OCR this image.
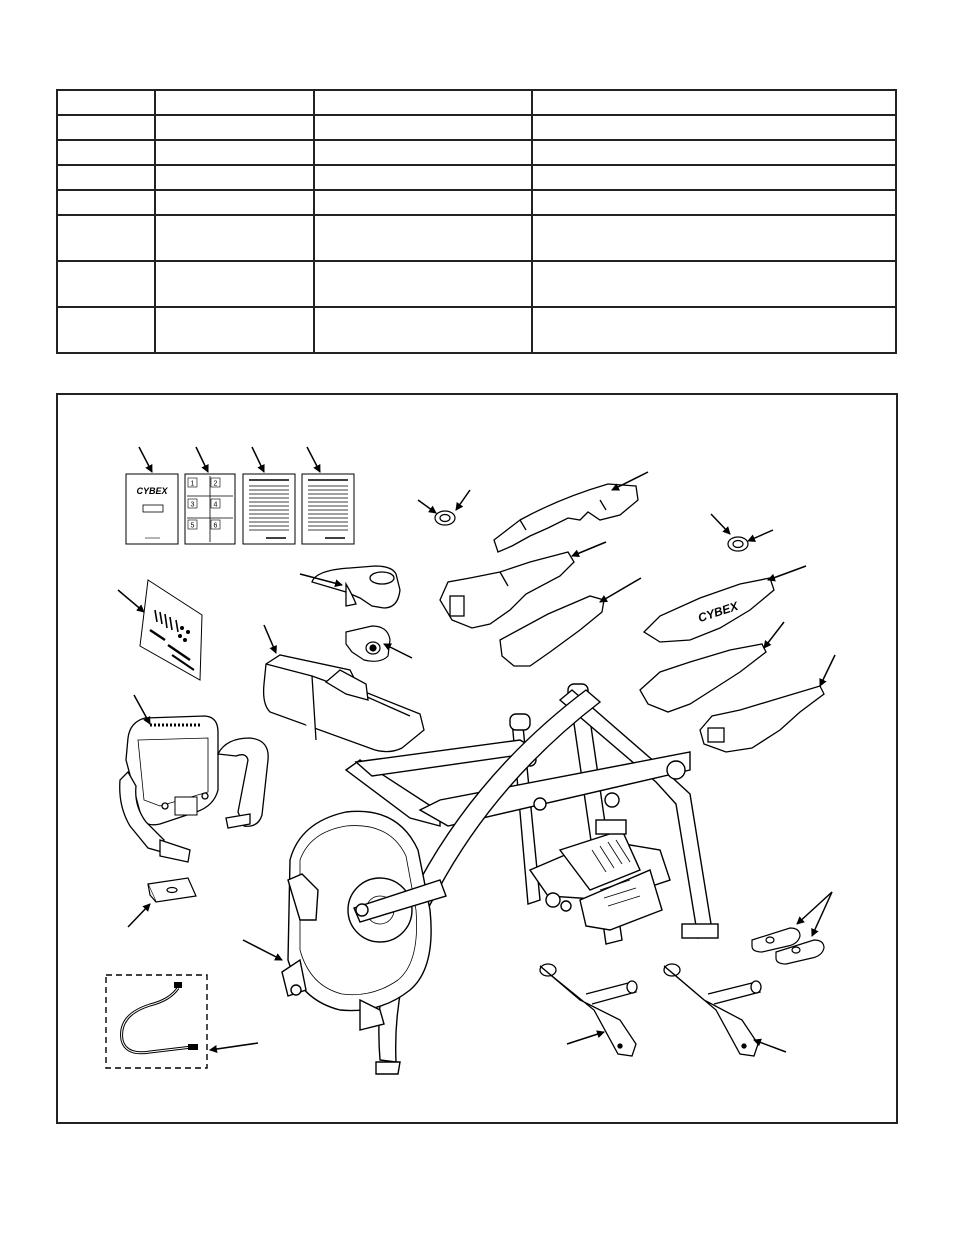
CYBEX
1	2
3	4
5	6
CYBEX
